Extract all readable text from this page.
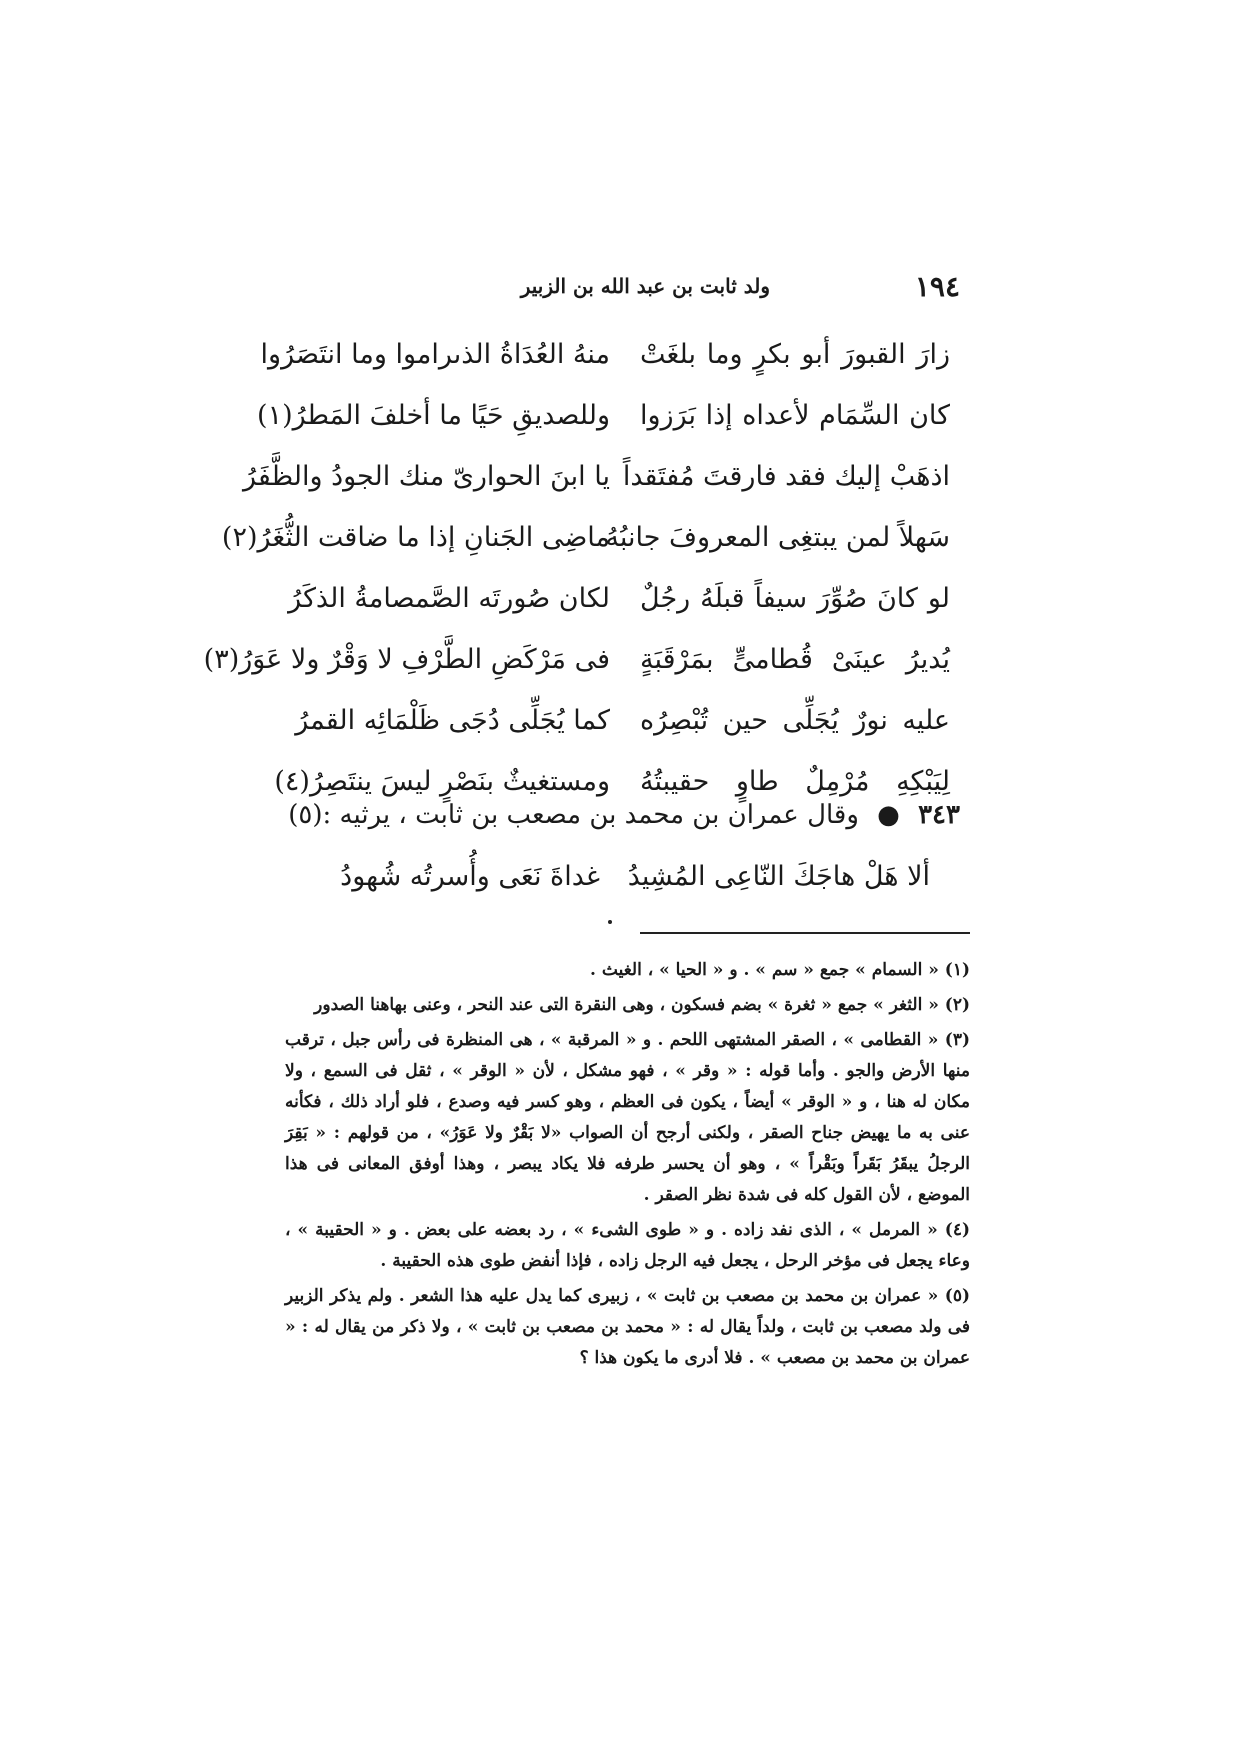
١٩٤
ولد ثابت بن عبد الله بن الزبير
زارَ القبورَ أبو بكرٍ وما بلغَتْ
منهُ العُدَاةُ الذىراموا وما انتَصَرُوا
كان السِّمَام لأعداه إذا بَرَزوا
وللصديقِ حَيًا ما أخلفَ المَطرُ(١)
اذهَبْ إليك فقد فارقتَ مُفتَقداً
يا ابنَ الحوارىّ منك الجودُ والظَّفَرُ
سَهلاً لمن يبتغِى المعروفَ جانبُهُ
ماضِى الجَنانِ إذا ما ضاقت الثُّغَرُ(٢)
لو كانَ صُوِّرَ سيفاً قبلَهُ رجُلٌ
لكان صُورتَه الصَّمصامةُ الذكَرُ
يُديرُ عينَىْ قُطامىٍّ بمَرْقَبَةٍ
فى مَرْكَضِ الطَّرْفِ لا وَقْرٌ ولا عَوَرُ(٣)
عليه نورٌ يُجَلِّى حين تُبْصِرُه
كما يُجَلِّى دُجَى ظَلْمَائِه القمرُ
لِيَبْكِهِ مُرْمِلٌ طاوٍ حقيبتُهُ
ومستغيثٌ بنَصْرٍ ليسَ ينتَصِرُ(٤)
٣٤٣ ● وقال عمران بن محمد بن مصعب بن ثابت ، يرثيه :(٥)
ألا هَلْ هاجَكَ النّاعِى المُشِيدُ
غداةَ نَعَى وأُسرتُه شُهودُ

(١) « السمام » جمع « سم » . و « الحيا » ، الغيث .

(٢) « الثغر » جمع « ثغرة » بضم فسكون ، وهى النقرة التى عند النحر ، وعنى بهاهنا الصدور

(٣) « القطامى » ، الصقر المشتهى اللحم . و « المرقبة » ، هى المنظرة فى رأس جبل ، ترقب منها الأرض والجو . وأما قوله : « وقر » ، فهو مشكل ، لأن « الوقر » ، ثقل فى السمع ، ولا مكان له هنا ، و « الوقر » أيضاً ، يكون فى العظم ، وهو كسر فيه وصدع ، فلو أراد ذلك ، فكأنه عنى به ما يهيض جناح الصقر ، ولكنى أرجح أن الصواب «لا بَقْرٌ ولا عَوَرُ» ، من قولهم : « بَقِرَ الرجلُ يبقَرُ بَقَراً وبَقْراً » ، وهو أن يحسر طرفه فلا يكاد يبصر ، وهذا أوفق المعانى فى هذا الموضع ، لأن القول كله فى شدة نظر الصقر .

(٤) « المرمل » ، الذى نفد زاده . و « طوى الشىء » ، رد بعضه على بعض . و « الحقيبة » ، وعاء يجعل فى مؤخر الرحل ، يجعل فيه الرجل زاده ، فإذا أنفض طوى هذه الحقيبة .

(٥) « عمران بن محمد بن مصعب بن ثابت » ، زبيرى كما يدل عليه هذا الشعر . ولم يذكر الزبير فى ولد مصعب بن ثابت ، ولداً يقال له : « محمد بن مصعب بن ثابت » ، ولا ذكر من يقال له : « عمران بن محمد بن مصعب » . فلا أدرى ما يكون هذا ؟
